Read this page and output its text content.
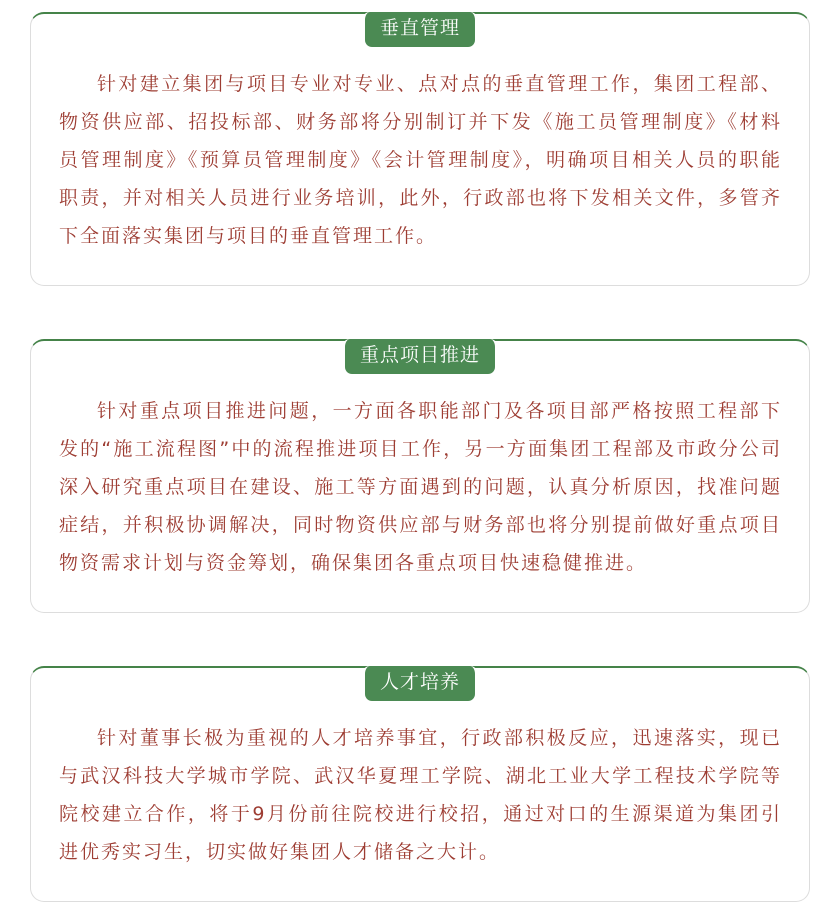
垂直管理

针对建立集团与项目专业对专业、点对点的垂直管理工作，集团工程部、物资供应部、招投标部、财务部将分别制订并下发《施工员管理制度》《材料员管理制度》《预算员管理制度》《会计管理制度》，明确项目相关人员的职能职责，并对相关人员进行业务培训，此外，行政部也将下发相关文件，多管齐下全面落实集团与项目的垂直管理工作。

重点项目推进

针对重点项目推进问题，一方面各职能部门及各项目部严格按照工程部下发的“施工流程图”中的流程推进项目工作，另一方面集团工程部及市政分公司深入研究重点项目在建设、施工等方面遇到的问题，认真分析原因，找准问题症结，并积极协调解决，同时物资供应部与财务部也将分别提前做好重点项目物资需求计划与资金筹划，确保集团各重点项目快速稳健推进。

人才培养

针对董事长极为重视的人才培养事宜，行政部积极反应，迅速落实，现已与武汉科技大学城市学院、武汉华夏理工学院、湖北工业大学工程技术学院等院校建立合作，将于9月份前往院校进行校招，通过对口的生源渠道为集团引进优秀实习生，切实做好集团人才储备之大计。
